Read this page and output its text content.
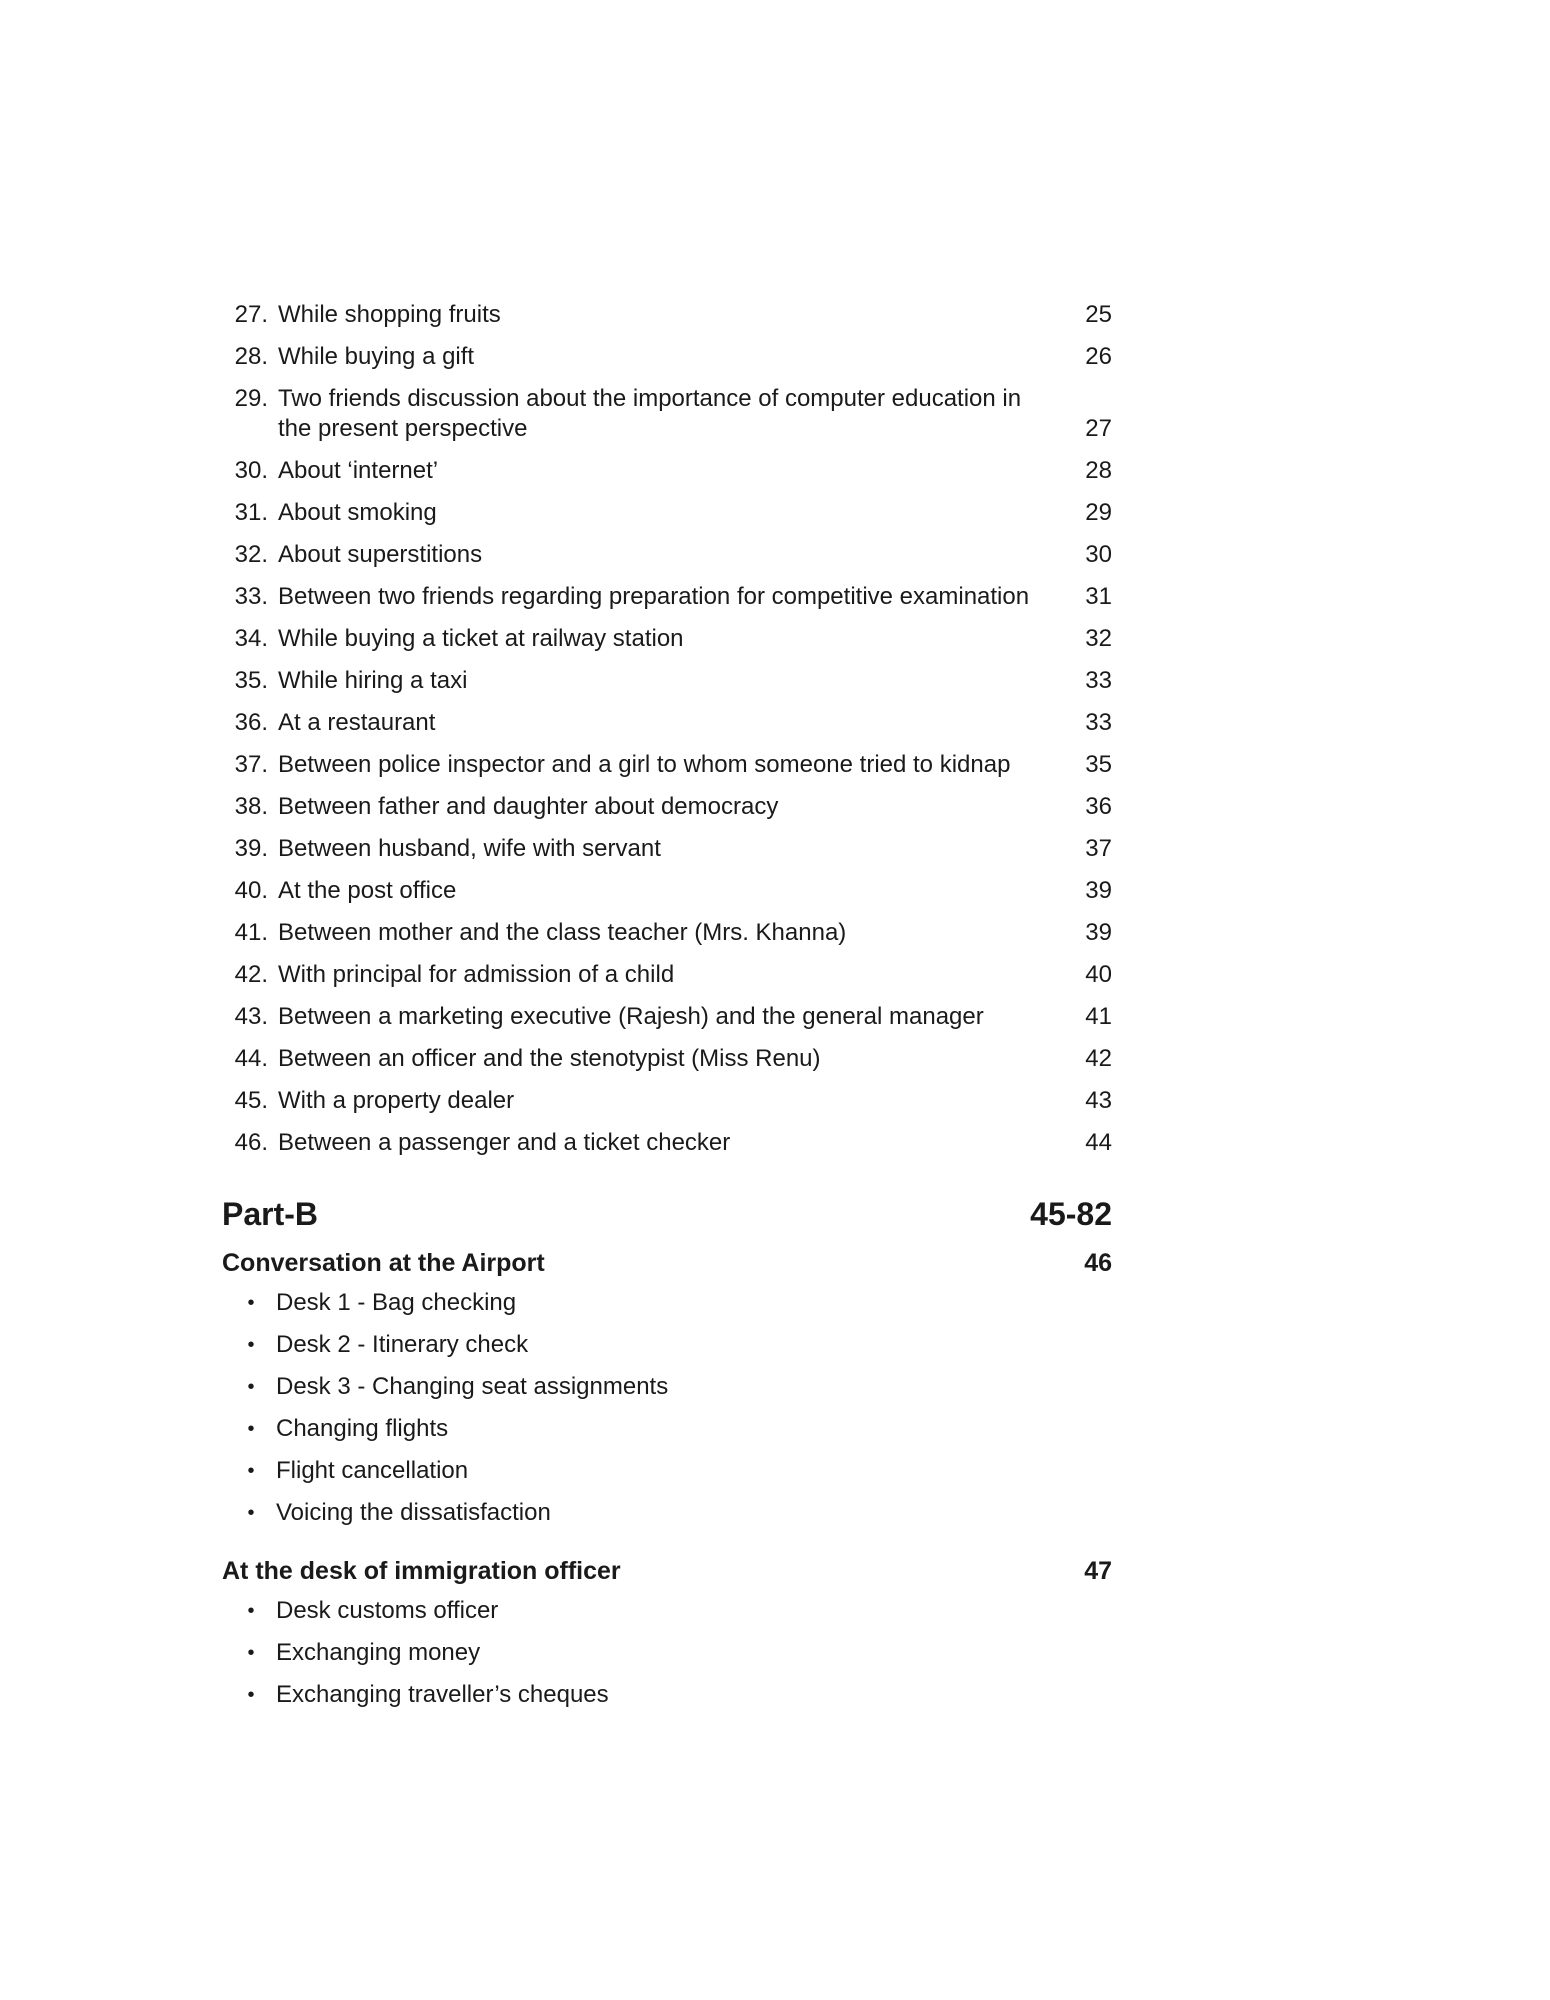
27. While shopping fruits	25
28. While buying a gift	26
29. Two friends discussion about the importance of computer education in the present perspective	27
30. About ‘internet’	28
31. About smoking	29
32. About superstitions	30
33. Between two friends regarding preparation for competitive examination	31
34. While buying a ticket at railway station	32
35. While hiring a taxi	33
36. At a restaurant	33
37. Between police inspector and a girl to whom someone tried to kidnap	35
38. Between father and daughter about democracy	36
39. Between husband, wife with servant	37
40. At the post office	39
41. Between mother and the class teacher (Mrs. Khanna)	39
42. With principal for admission of a child	40
43. Between a marketing executive (Rajesh) and the general manager	41
44. Between an officer and the stenotypist (Miss Renu)	42
45. With a property dealer	43
46. Between a passenger and a ticket checker	44
Part-B	45-82
Conversation at the Airport	46
• Desk 1 - Bag checking
• Desk 2 - Itinerary check
• Desk 3 - Changing seat assignments
• Changing flights
• Flight cancellation
• Voicing the dissatisfaction
At the desk of immigration officer	47
• Desk customs officer
• Exchanging money
• Exchanging traveller’s cheques
